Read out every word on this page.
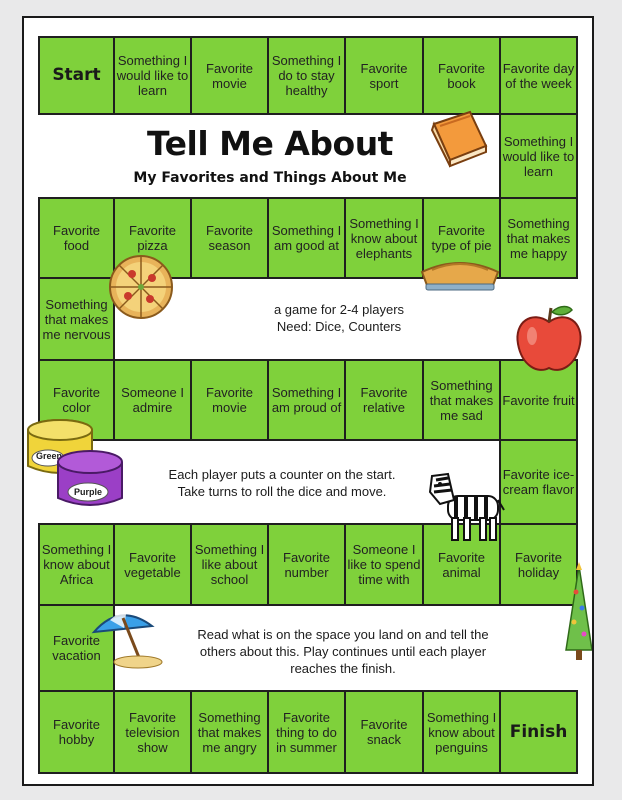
Start
Something I would like to learn
Favorite movie
Something I do to stay healthy
Favorite sport
Favorite book
Favorite day of the week
Something I would like to learn
Favorite food
Favorite pizza
Favorite season
Something I am good at
Something I know about elephants
Favorite type of pie
Something that makes me happy
Something that makes me nervous
Favorite color
Someone I admire
Favorite movie
Something I am proud of
Favorite relative
Something that makes me sad
Favorite fruit
Favorite ice-cream flavor
Something I know about Africa
Favorite vegetable
Something I like about school
Favorite number
Someone I like to spend time with
Favorite animal
Favorite holiday
Favorite vacation
Favorite hobby
Favorite television show
Something that makes me angry
Favorite thing to do in summer
Favorite snack
Something I know about penguins
Finish
Tell Me About
My Favorites and Things About Me
a game for 2-4 players
Need: Dice, Counters
Each player puts a counter on the start.
Take turns to roll the dice and move.
Read what is on the space you land on and tell the
others about this. Play continues until each player
reaches the finish.
Green
Purple
